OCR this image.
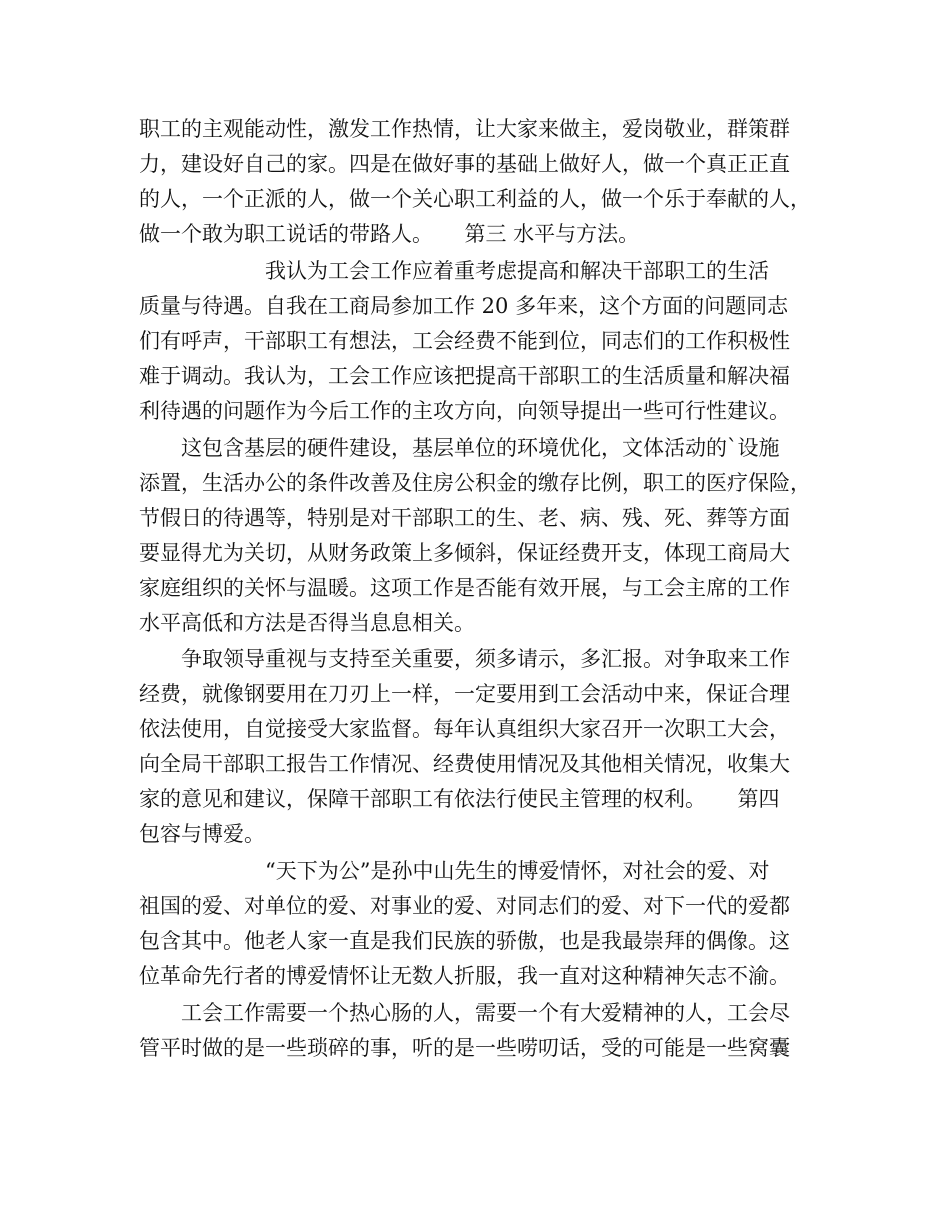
职工的主观能动性，激发工作热情，让大家来做主，爱岗敬业，群策群
力，建设好自己的家。四是在做好事的基础上做好人，做一个真正正直
的人，一个正派的人，做一个关心职工利益的人，做一个乐于奉献的人，
做一个敢为职工说话的带路人。　　第三 水平与方法。
　　　　　　我认为工会工作应着重考虑提高和解决干部职工的生活
质量与待遇。自我在工商局参加工作 20 多年来，这个方面的问题同志
们有呼声，干部职工有想法，工会经费不能到位，同志们的工作积极性
难于调动。我认为，工会工作应该把提高干部职工的生活质量和解决福
利待遇的问题作为今后工作的主攻方向，向领导提出一些可行性建议。
　　这包含基层的硬件建设，基层单位的环境优化，文体活动的`设施
添置，生活办公的条件改善及住房公积金的缴存比例，职工的医疗保险，
节假日的待遇等，特别是对干部职工的生、老、病、残、死、葬等方面
要显得尤为关切，从财务政策上多倾斜，保证经费开支，体现工商局大
家庭组织的关怀与温暖。这项工作是否能有效开展，与工会主席的工作
水平高低和方法是否得当息息相关。
　　争取领导重视与支持至关重要，须多请示，多汇报。对争取来工作
经费，就像钢要用在刀刃上一样，一定要用到工会活动中来，保证合理
依法使用，自觉接受大家监督。每年认真组织大家召开一次职工大会，
向全局干部职工报告工作情况、经费使用情况及其他相关情况，收集大
家的意见和建议，保障干部职工有依法行使民主管理的权利。　　第四
包容与博爱。
　　　　　　“天下为公”是孙中山先生的博爱情怀，对社会的爱、对
祖国的爱、对单位的爱、对事业的爱、对同志们的爱、对下一代的爱都
包含其中。他老人家一直是我们民族的骄傲，也是我最崇拜的偶像。这
位革命先行者的博爱情怀让无数人折服，我一直对这种精神矢志不渝。
　　工会工作需要一个热心肠的人，需要一个有大爱精神的人，工会尽
管平时做的是一些琐碎的事，听的是一些唠叨话，受的可能是一些窝囊
